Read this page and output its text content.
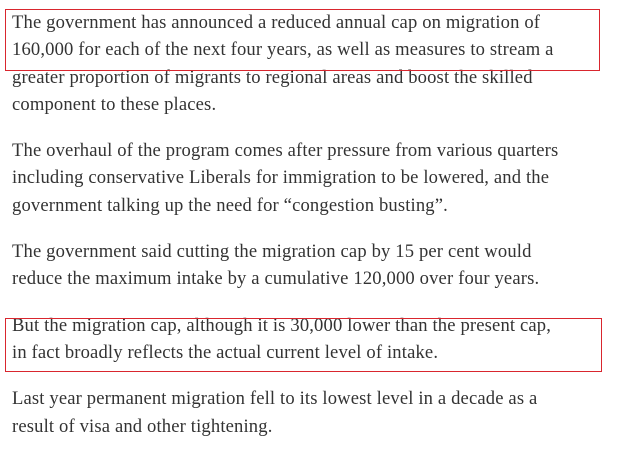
The government has announced a reduced annual cap on migration of
160,000 for each of the next four years, as well as measures to stream a
greater proportion of migrants to regional areas and boost the skilled
component to these places.

The overhaul of the program comes after pressure from various quarters
including conservative Liberals for immigration to be lowered, and the
government talking up the need for “congestion busting”.

The government said cutting the migration cap by 15 per cent would
reduce the maximum intake by a cumulative 120,000 over four years.

But the migration cap, although it is 30,000 lower than the present cap,
in fact broadly reflects the actual current level of intake.

Last year permanent migration fell to its lowest level in a decade as a
result of visa and other tightening.
